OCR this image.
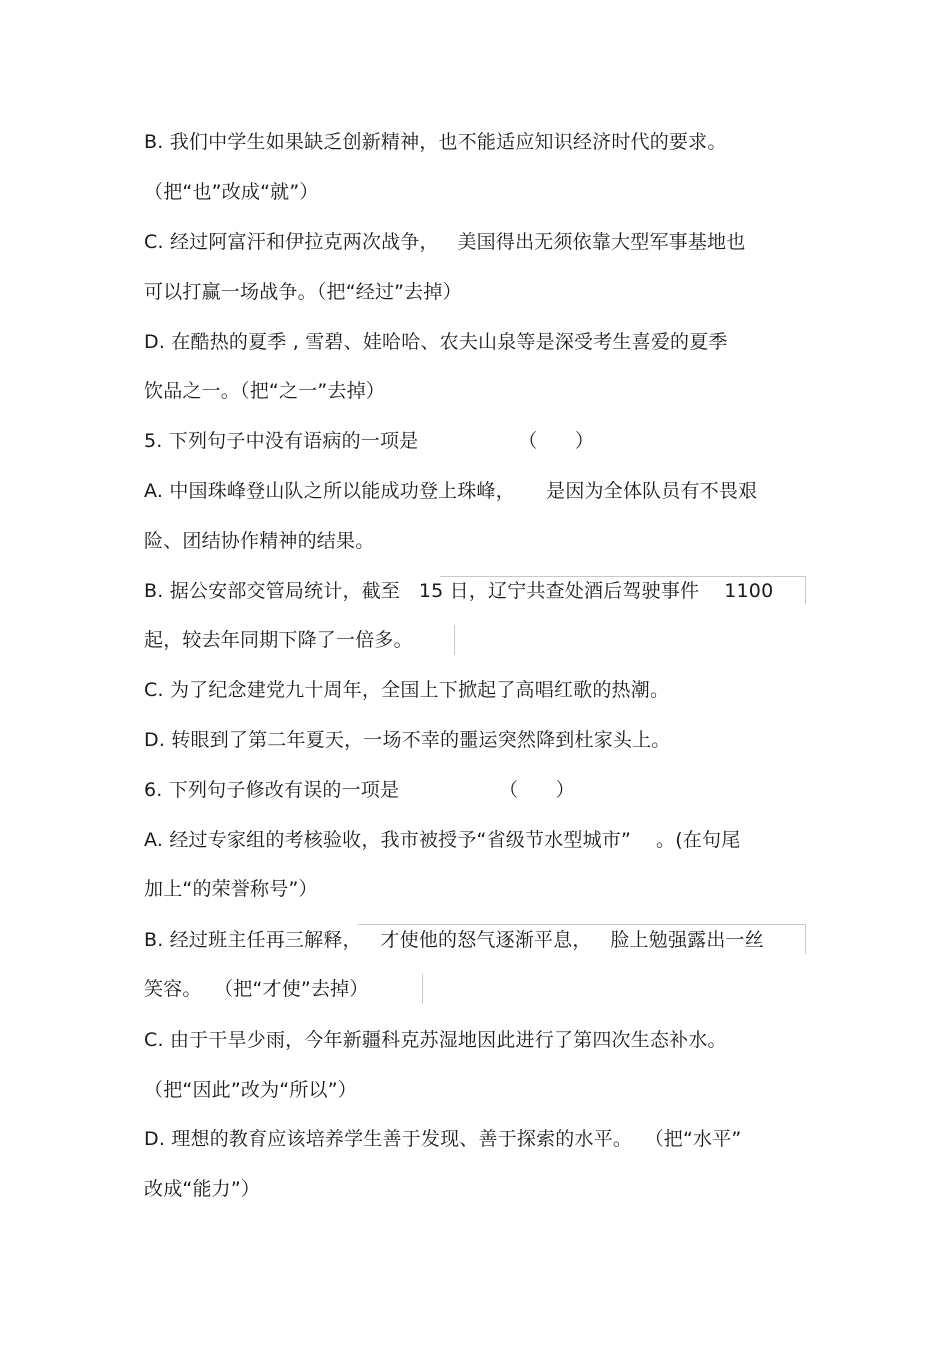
B. 我们中学生如果缺乏创新精神，也不能适应知识经济时代的要求。
（把“也”改成“就”）
C. 经过阿富汗和伊拉克两次战争，   美国得出无须依靠大型军事基地也
可以打赢一场战争。（把“经过”去掉）
D. 在酷热的夏季 , 雪碧、娃哈哈、农夫山泉等是深受考生喜爱的夏季
饮品之一。（把“之一”去掉）
5. 下列句子中没有语病的一项是                （      ）
A. 中国珠峰登山队之所以能成功登上珠峰，     是因为全体队员有不畏艰
险、团结协作精神的结果。
B. 据公安部交管局统计，截至   15 日，辽宁共查处酒后驾驶事件    1100
起，较去年同期下降了一倍多。
C. 为了纪念建党九十周年，全国上下掀起了高唱红歌的热潮。
D. 转眼到了第二年夏天，一场不幸的噩运突然降到杜家头上。
6. 下列句子修改有误的一项是                （      ）
A. 经过专家组的考核验收，我市被授予“省级节水型城市”    。(在句尾
加上“的荣誉称号”）
B. 经过班主任再三解释，   才使他的怒气逐渐平息，   脸上勉强露出一丝
笑容。  （把“才使”去掉）
C. 由于干旱少雨，今年新疆科克苏湿地因此进行了第四次生态补水。
（把“因此”改为“所以”）
D. 理想的教育应该培养学生善于发现、善于探索的水平。  （把“水平”
改成“能力”）
